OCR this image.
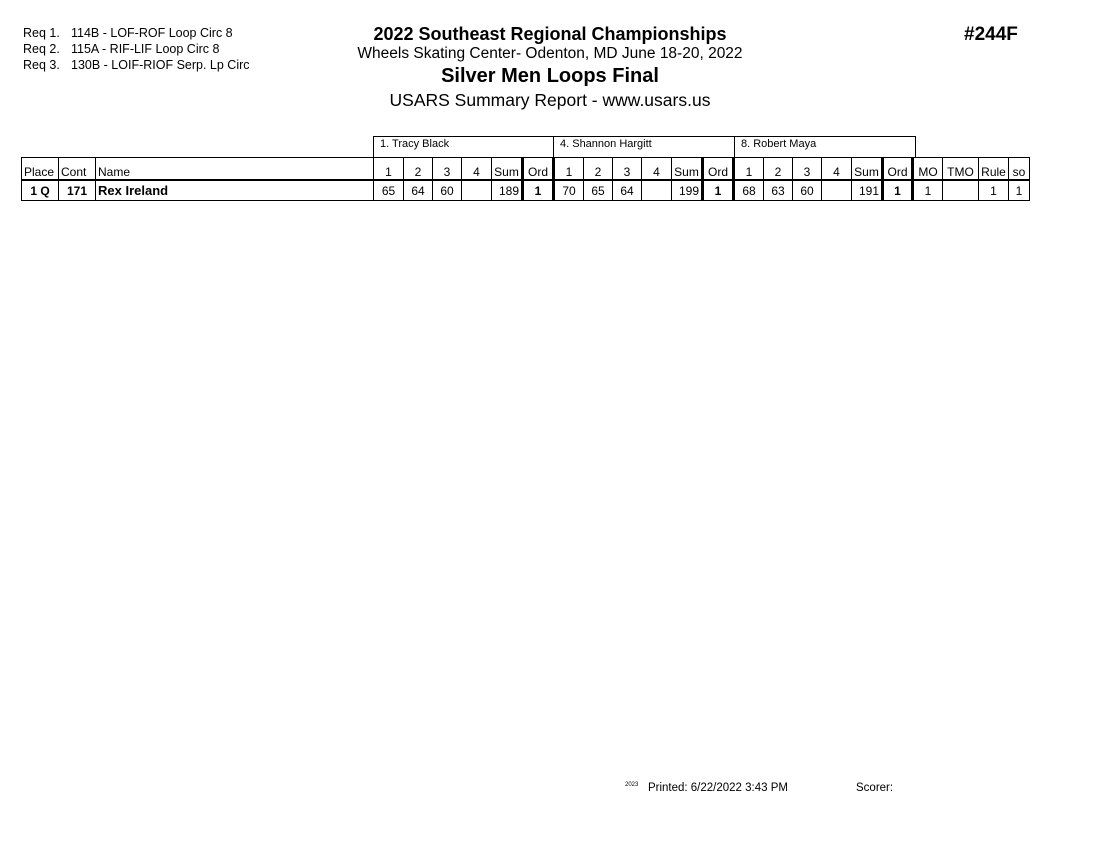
Req 1. 114B - LOF-ROF Loop Circ 8
Req 2. 115A - RIF-LIF Loop Circ 8
Req 3. 130B - LOIF-RIOF Serp. Lp Circ
2022 Southeast Regional Championships
Wheels Skating Center- Odenton, MD June 18-20, 2022
Silver Men Loops Final
USARS Summary Report - www.usars.us
#244F
1. Tracy Black	4. Shannon Hargitt	8. Robert Maya
Place	Cont	Name	1	2	3	4	Sum	Ord	1	2	3	4	Sum	Ord	1	2	3	4	Sum	Ord	MO	TMO	Rule	so
1 Q	171	Rex Ireland	65	64	60		189	1	70	65	64		199	1	68	63	60		191	1	1		1	1
$^{2023}$ Printed: 6/22/2022 3:43 PM	Scorer:
